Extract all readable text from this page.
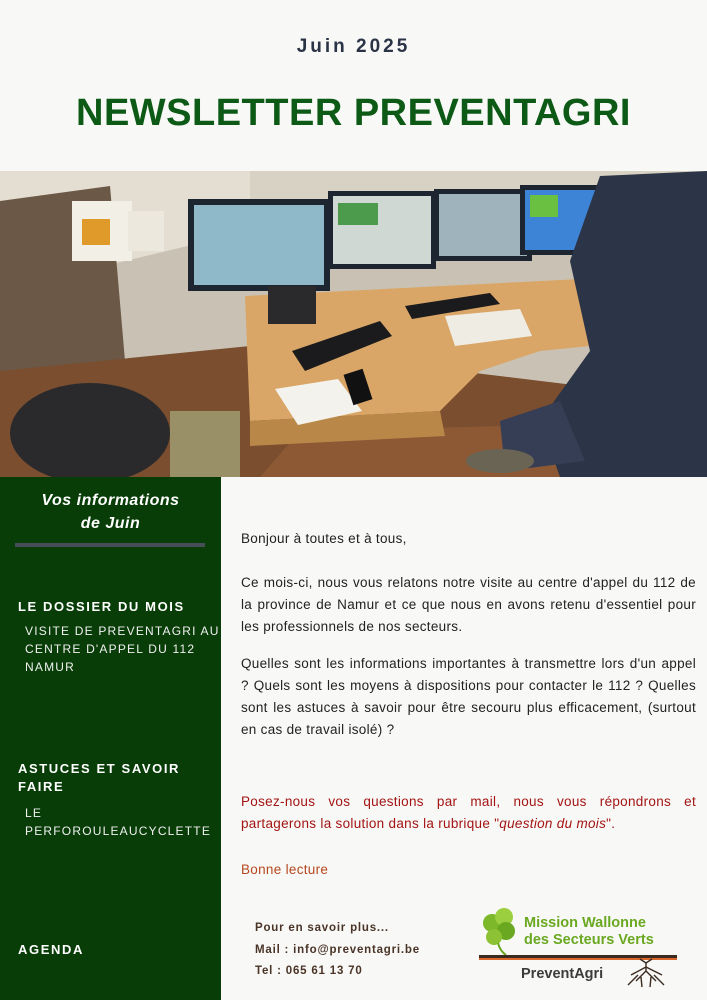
Juin 2025
NEWSLETTER PREVENTAGRI
Vos informations
de Juin
LE DOSSIER DU MOIS
VISITE DE PREVENTAGRI AU
CENTRE D'APPEL DU 112
NAMUR
ASTUCES ET SAVOIR
FAIRE
LE
PERFOROULEAUCYCLETTE
AGENDA
Bonjour à toutes et à tous,
Ce mois-ci, nous vous relatons notre visite au centre d'appel du 112 de la province de Namur et ce que nous en avons retenu d'essentiel pour les professionnels de nos secteurs.
Quelles sont les informations importantes à transmettre lors d'un appel ? Quels sont les moyens à dispositions pour contacter le 112 ? Quelles sont les astuces à savoir pour être secouru plus efficacement, (surtout en cas de travail isolé) ?
Posez-nous vos questions par mail, nous vous répondrons et partagerons la solution dans la rubrique "question du mois".
Bonne lecture
Pour en savoir plus...
Mail : info@preventagri.be
Tel : 065 61 13 70
Mission Wallonne
des Secteurs Verts
PreventAgri
